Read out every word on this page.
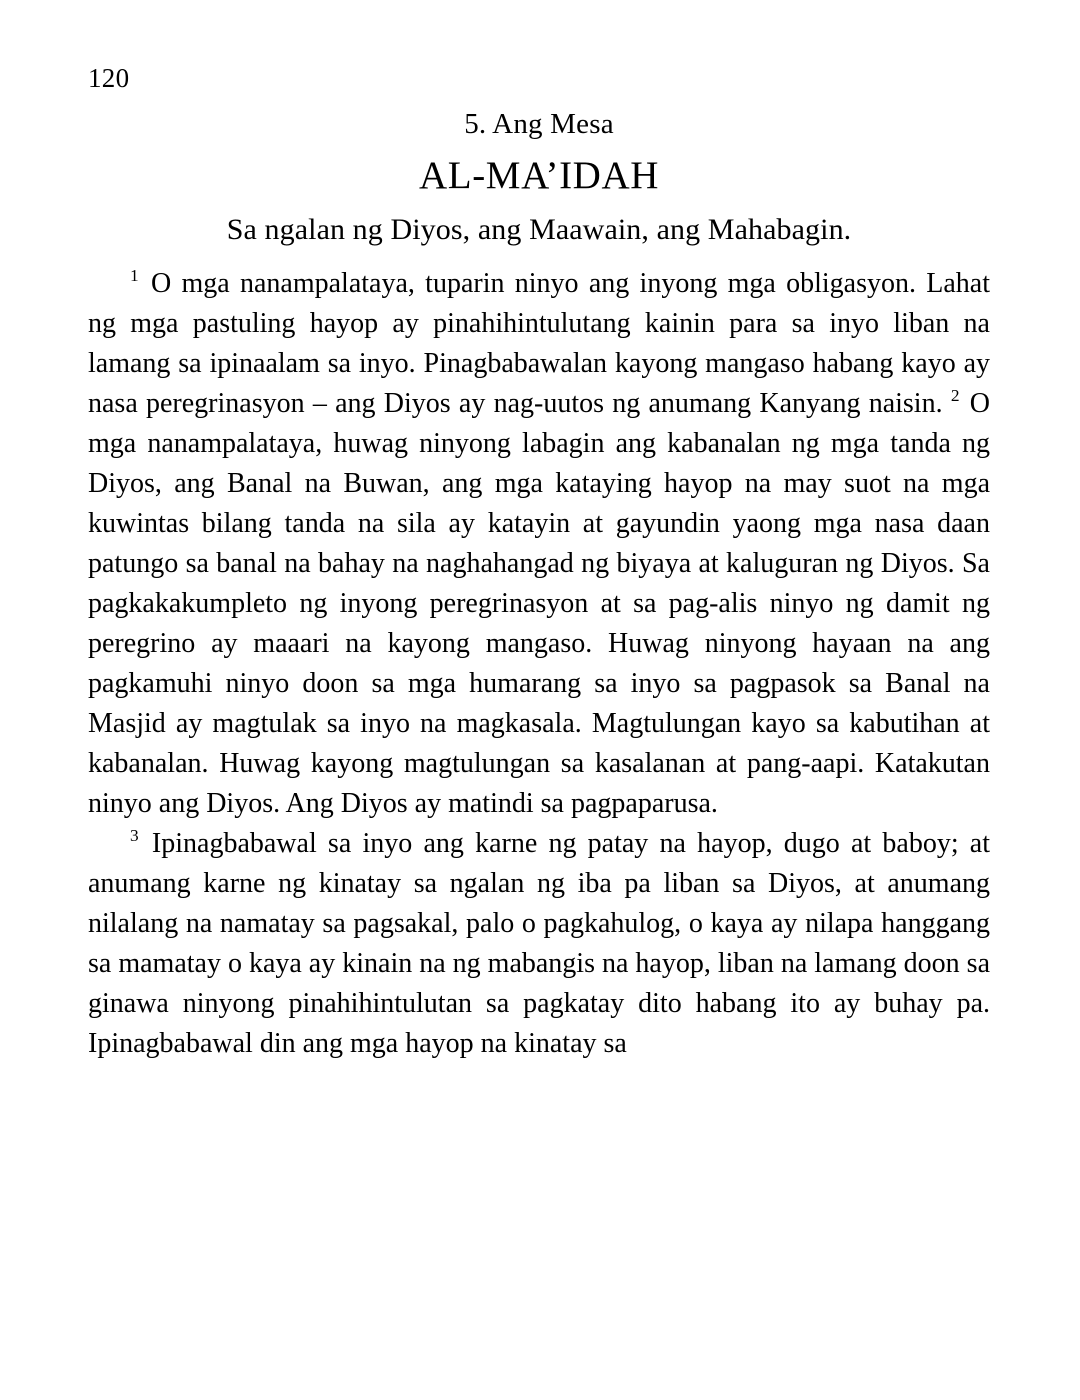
120
5. Ang Mesa
AL-MA’IDAH
Sa ngalan ng Diyos, ang Maawain, ang Mahabagin.

$^1$ O mga nanampalataya, tuparin ninyo ang inyong mga obligasyon. Lahat ng mga pastuling hayop ay pinahihintulutang kainin para sa inyo liban na lamang sa ipinaalam sa inyo. Pinagbabawalan kayong mangaso habang kayo ay nasa peregrinasyon – ang Diyos ay nag-uutos ng anumang Kanyang naisin. $^2$ O mga nanampalataya, huwag ninyong labagin ang kabanalan ng mga tanda ng Diyos, ang Banal na Buwan, ang mga kataying hayop na may suot na mga kuwintas bilang tanda na sila ay katayin at gayundin yaong mga nasa daan patungo sa banal na bahay na naghahangad ng biyaya at kaluguran ng Diyos. Sa pagkakakumpleto ng inyong peregrinasyon at sa pag-alis ninyo ng damit ng peregrino ay maaari na kayong mangaso. Huwag ninyong hayaan na ang pagkamuhi ninyo doon sa mga humarang sa inyo sa pagpasok sa Banal na Masjid ay magtulak sa inyo na magkasala. Magtulungan kayo sa kabutihan at kabanalan. Huwag kayong magtulungan sa kasalanan at pang-aapi. Katakutan ninyo ang Diyos. Ang Diyos ay matindi sa pagpaparusa.

$^3$ Ipinagbabawal sa inyo ang karne ng patay na hayop, dugo at baboy; at anumang karne ng kinatay sa ngalan ng iba pa liban sa Diyos, at anumang nilalang na namatay sa pagsakal, palo o pagkahulog, o kaya ay nilapa hanggang sa mamatay o kaya ay kinain na ng mabangis na hayop, liban na lamang doon sa ginawa ninyong pinahihintulutan sa pagkatay dito habang ito ay buhay pa. Ipinagbabawal din ang mga hayop na kinatay sa
